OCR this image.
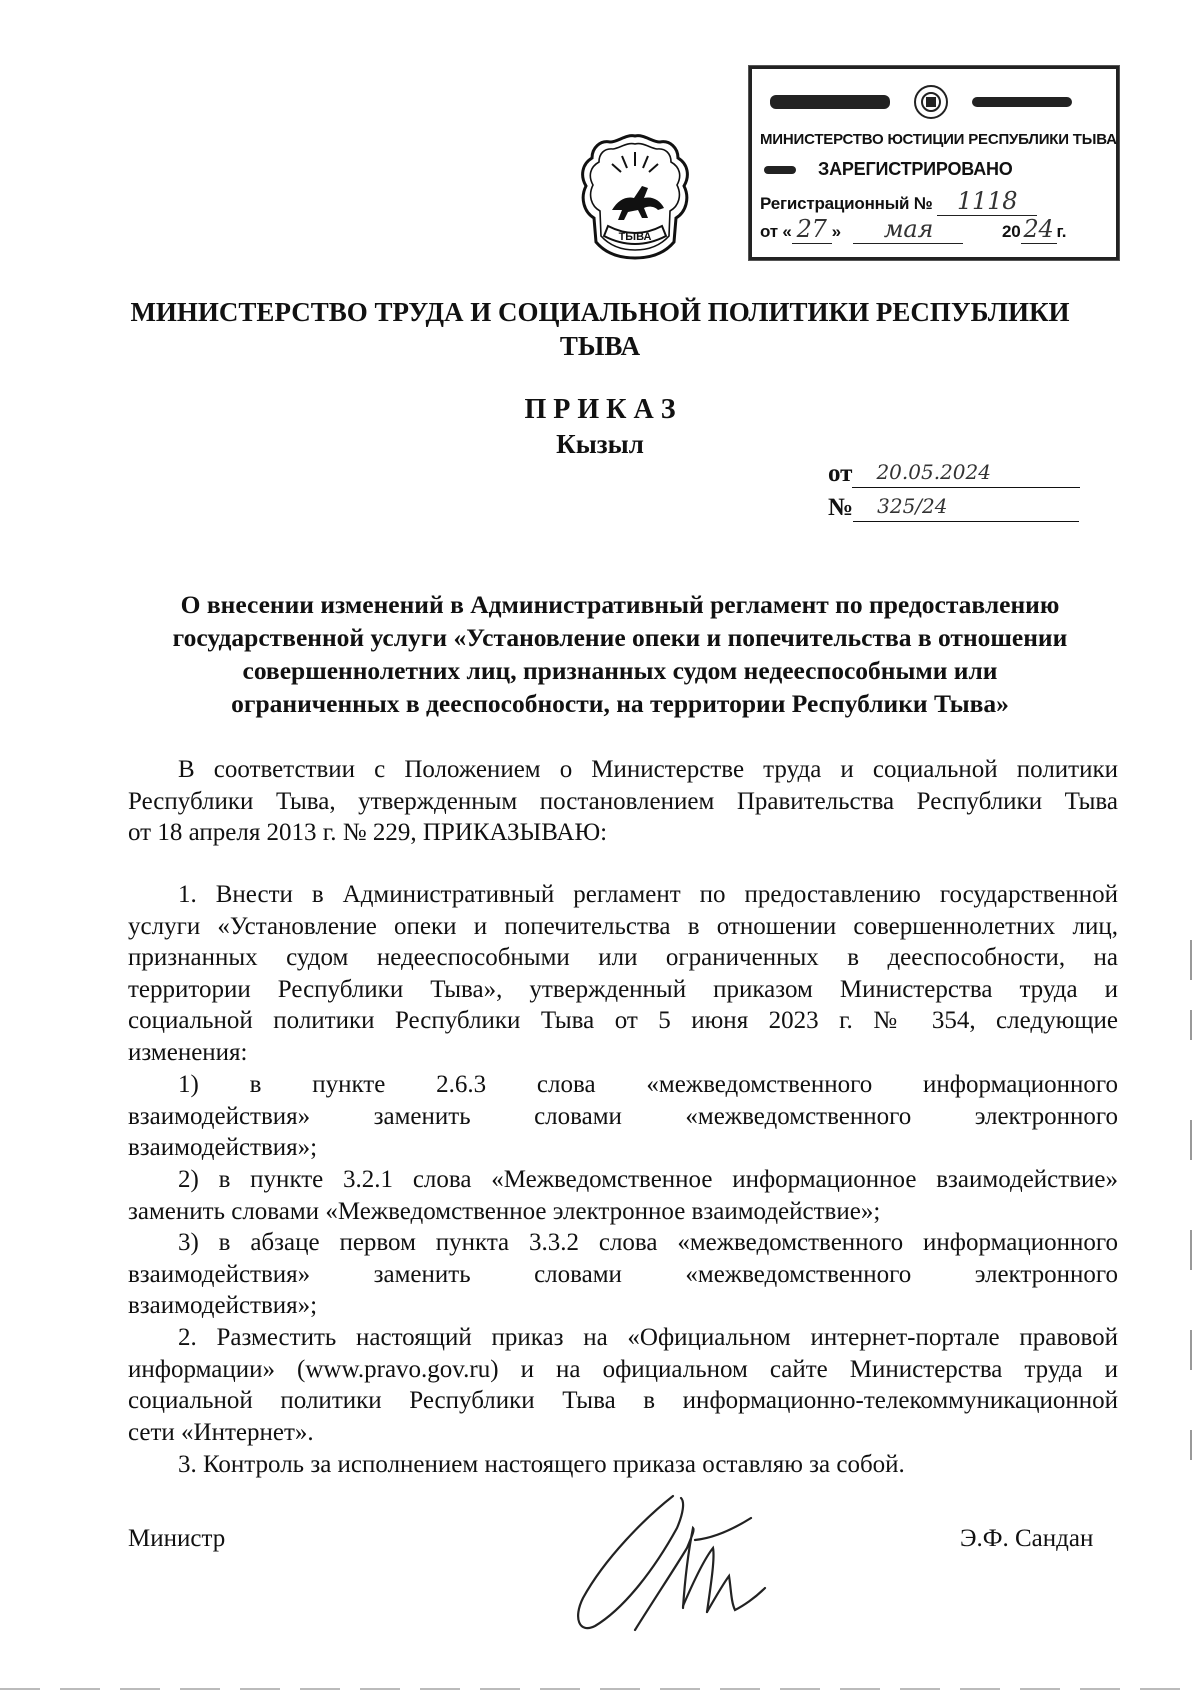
ТЫВА

МИНИСТЕРСТВО ЮСТИЦИИ РЕСПУБЛИКИ ТЫВА
ЗАРЕГИСТРИРОВАНО
Регистрационный № 1118
от « 27 » мая	20 24 г.
МИНИСТЕРСТВО ТРУДА И СОЦИАЛЬНОЙ ПОЛИТИКИ РЕСПУБЛИКИ
ТЫВА
П Р И К А З
Кызыл
от 20.05.2024
№ 325/24
О внесении изменений в Административный регламент по предоставлению
государственной услуги «Установление опеки и попечительства в отношении
совершеннолетних лиц, признанных судом недееспособными или
ограниченных в дееспособности, на территории Республики Тыва»
В соответствии с Положением о Министерстве труда и социальной политики
Республики Тыва, утвержденным постановлением Правительства Республики Тыва
от 18 апреля 2013 г. № 229, ПРИКАЗЫВАЮ:
1. Внести в Административный регламент по предоставлению государственной
услуги «Установление опеки и попечительства в отношении совершеннолетних лиц,
признанных судом недееспособными или ограниченных в дееспособности, на
территории Республики Тыва», утвержденный приказом Министерства труда и
социальной политики Республики Тыва от 5 июня 2023 г. № 354, следующие
изменения:
1) в пункте 2.6.3 слова «межведомственного информационного
взаимодействия» заменить словами «межведомственного электронного
взаимодействия»;
2) в пункте 3.2.1 слова «Межведомственное информационное взаимодействие»
заменить словами «Межведомственное электронное взаимодействие»;
3) в абзаце первом пункта 3.3.2 слова «межведомственного информационного
взаимодействия» заменить словами «межведомственного электронного
взаимодействия»;
2. Разместить настоящий приказ на «Официальном интернет-портале правовой
информации» (www.pravo.gov.ru) и на официальном сайте Министерства труда и
социальной политики Республики Тыва в информационно-телекоммуникационной
сети «Интернет».
3. Контроль за исполнением настоящего приказа оставляю за собой.
Министр	Э.Ф. Сандан
